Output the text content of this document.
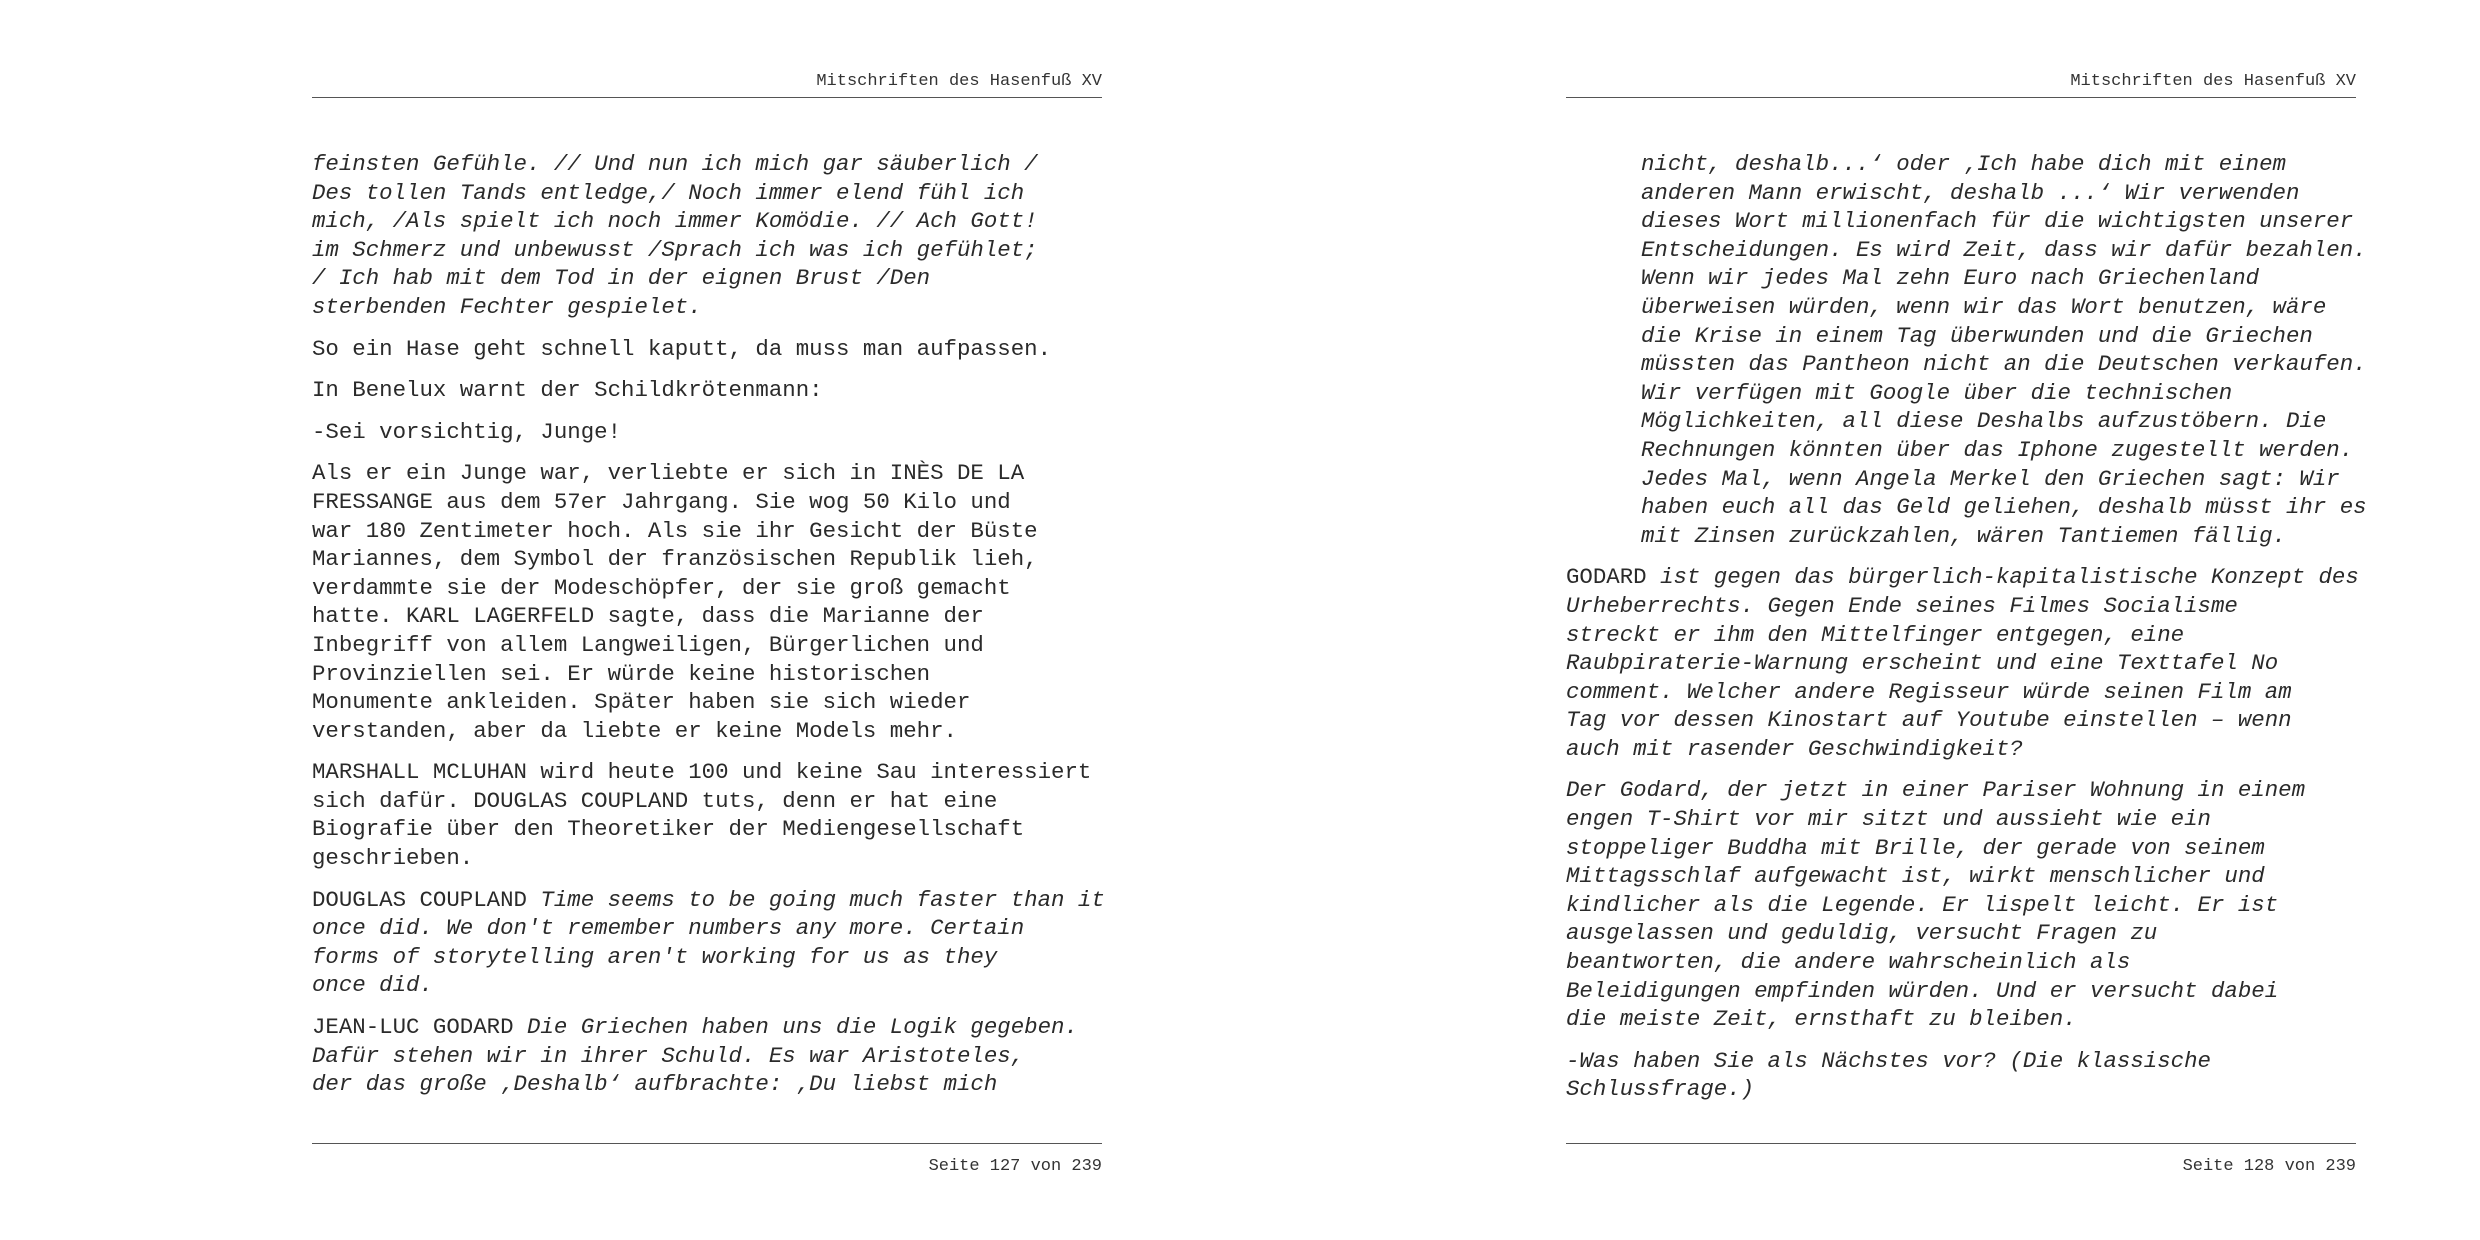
Mitschriften des Hasenfuß XV
feinsten Gefühle. // Und nun ich mich gar säuberlich /
Des tollen Tands entledge,/ Noch immer elend fühl ich
mich, /Als spielt ich noch immer Komödie. // Ach Gott!
im Schmerz und unbewusst /Sprach ich was ich gefühlet;
/ Ich hab mit dem Tod in der eignen Brust /Den
sterbenden Fechter gespielet.
So ein Hase geht schnell kaputt, da muss man aufpassen.
In Benelux warnt der Schildkrötenmann:
-Sei vorsichtig, Junge!
Als er ein Junge war, verliebte er sich in INÈS DE LA
FRESSANGE aus dem 57er Jahrgang. Sie wog 50 Kilo und
war 180 Zentimeter hoch. Als sie ihr Gesicht der Büste
Mariannes, dem Symbol der französischen Republik lieh,
verdammte sie der Modeschöpfer, der sie groß gemacht
hatte. KARL LAGERFELD sagte, dass die Marianne der
Inbegriff von allem Langweiligen, Bürgerlichen und
Provinziellen sei. Er würde keine historischen
Monumente ankleiden. Später haben sie sich wieder
verstanden, aber da liebte er keine Models mehr.
MARSHALL MCLUHAN wird heute 100 und keine Sau interessiert
sich dafür. DOUGLAS COUPLAND tuts, denn er hat eine
Biografie über den Theoretiker der Mediengesellschaft
geschrieben.
DOUGLAS COUPLAND Time seems to be going much faster than it
once did. We don't remember numbers any more. Certain
forms of storytelling aren't working for us as they
once did.
JEAN-LUC GODARD Die Griechen haben uns die Logik gegeben.
Dafür stehen wir in ihrer Schuld. Es war Aristoteles,
der das große ‚Deshalb‘ aufbrachte: ‚Du liebst mich
Seite 127 von 239
Mitschriften des Hasenfuß XV
nicht, deshalb...‘ oder ‚Ich habe dich mit einem
anderen Mann erwischt, deshalb ...‘ Wir verwenden
dieses Wort millionenfach für die wichtigsten unserer
Entscheidungen. Es wird Zeit, dass wir dafür bezahlen.
Wenn wir jedes Mal zehn Euro nach Griechenland
überweisen würden, wenn wir das Wort benutzen, wäre
die Krise in einem Tag überwunden und die Griechen
müssten das Pantheon nicht an die Deutschen verkaufen.
Wir verfügen mit Google über die technischen
Möglichkeiten, all diese Deshalbs aufzustöbern. Die
Rechnungen könnten über das Iphone zugestellt werden.
Jedes Mal, wenn Angela Merkel den Griechen sagt: Wir
haben euch all das Geld geliehen, deshalb müsst ihr es
mit Zinsen zurückzahlen, wären Tantiemen fällig.
GODARD ist gegen das bürgerlich-kapitalistische Konzept des
Urheberrechts. Gegen Ende seines Filmes Socialisme
streckt er ihm den Mittelfinger entgegen, eine
Raubpiraterie-Warnung erscheint und eine Texttafel No
comment. Welcher andere Regisseur würde seinen Film am
Tag vor dessen Kinostart auf Youtube einstellen – wenn
auch mit rasender Geschwindigkeit?
Der Godard, der jetzt in einer Pariser Wohnung in einem
engen T-Shirt vor mir sitzt und aussieht wie ein
stoppeliger Buddha mit Brille, der gerade von seinem
Mittagsschlaf aufgewacht ist, wirkt menschlicher und
kindlicher als die Legende. Er lispelt leicht. Er ist
ausgelassen und geduldig, versucht Fragen zu
beantworten, die andere wahrscheinlich als
Beleidigungen empfinden würden. Und er versucht dabei
die meiste Zeit, ernsthaft zu bleiben.
-Was haben Sie als Nächstes vor? (Die klassische
Schlussfrage.)
Seite 128 von 239
